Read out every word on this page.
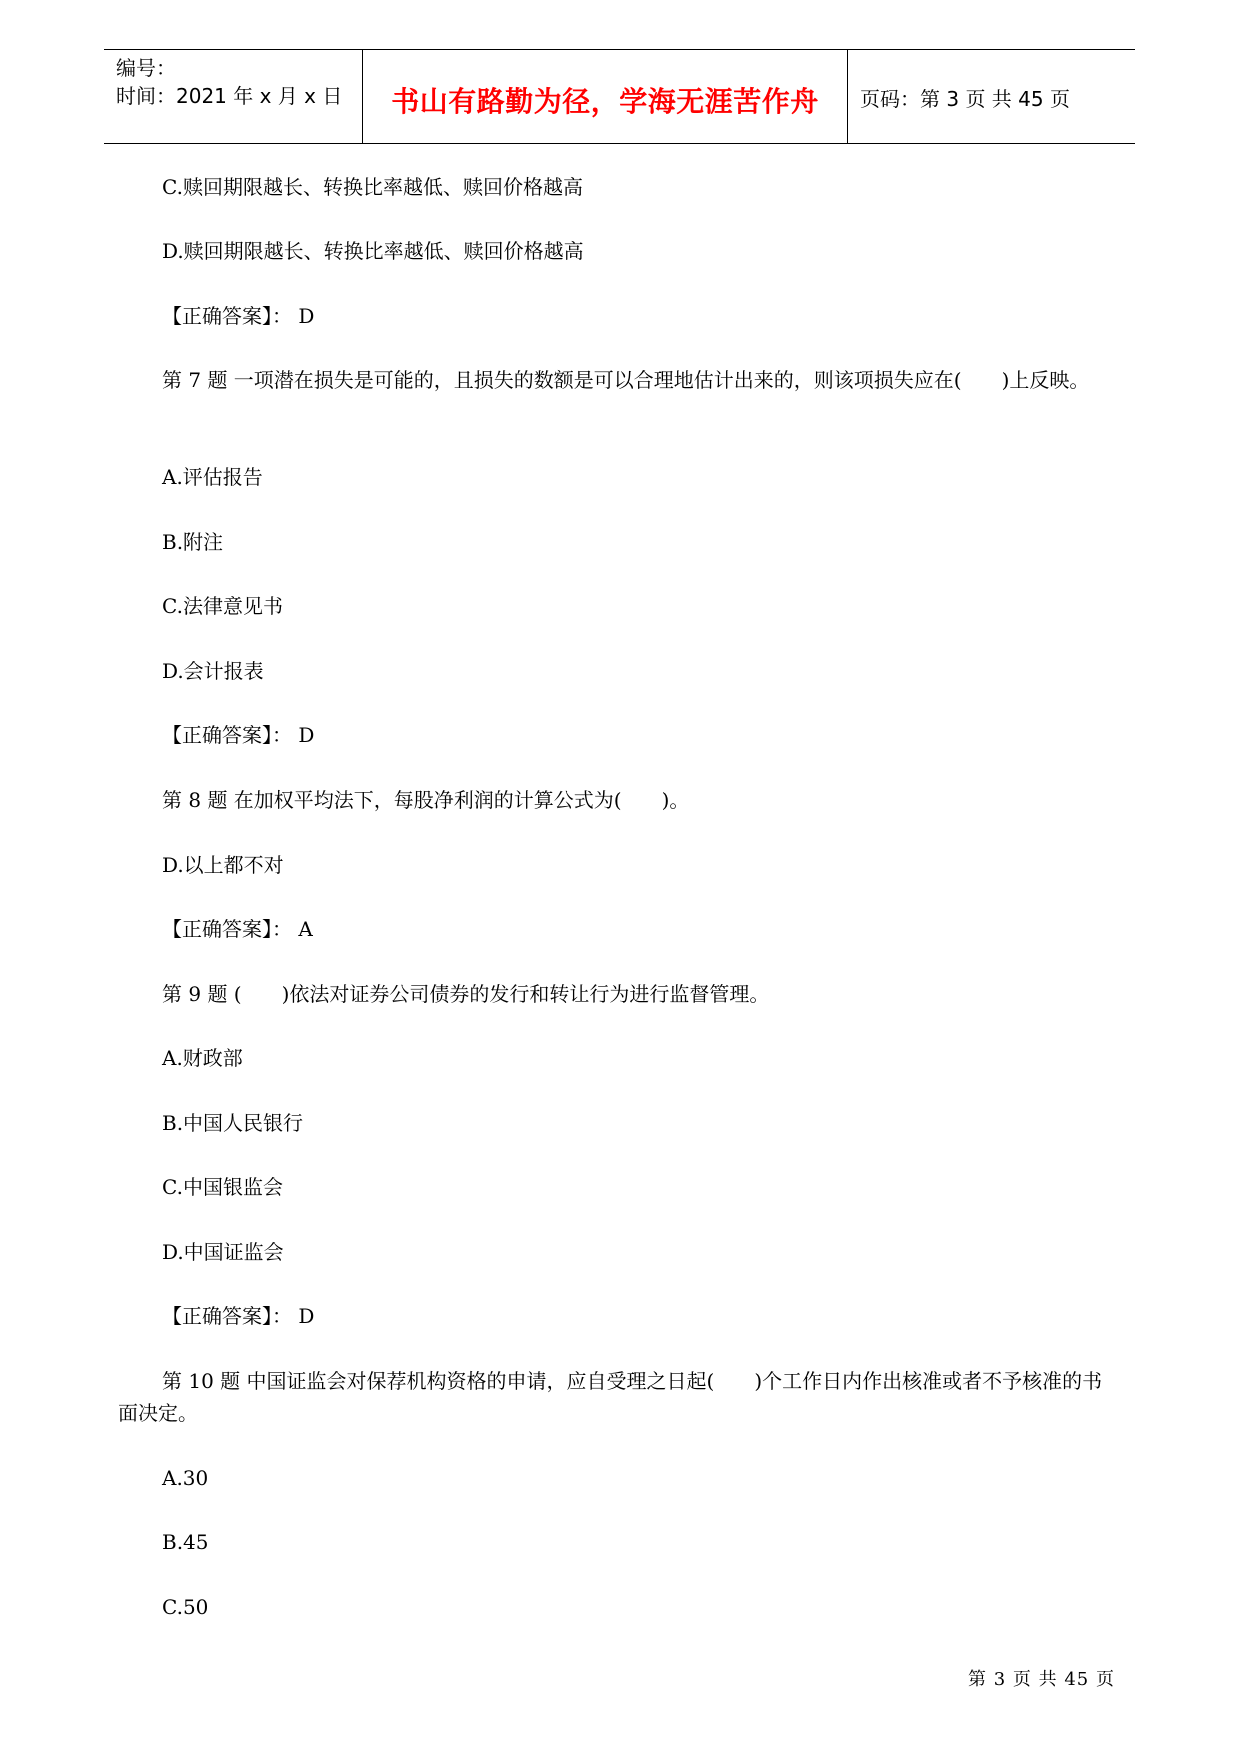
编号：
时间：2021 年 x 月 x 日	书山有路勤为径，学海无涯苦作舟	页码：第 3 页 共 45 页
C.赎回期限越长、转换比率越低、赎回价格越高
D.赎回期限越长、转换比率越低、赎回价格越高
【正确答案】： D
第 7 题 一项潜在损失是可能的，且损失的数额是可以合理地估计出来的，则该项损失应在(　　)上反映。
A.评估报告
B.附注
C.法律意见书
D.会计报表
【正确答案】： D
第 8 题 在加权平均法下，每股净利润的计算公式为(　　)。
D.以上都不对
【正确答案】： A
第 9 题 (　　)依法对证券公司债券的发行和转让行为进行监督管理。
A.财政部
B.中国人民银行
C.中国银监会
D.中国证监会
【正确答案】： D
第 10 题 中国证监会对保荐机构资格的申请，应自受理之日起(　　)个工作日内作出核准或者不予核准的书面决定。
A.30
B.45
C.50
第 3 页 共 45 页
